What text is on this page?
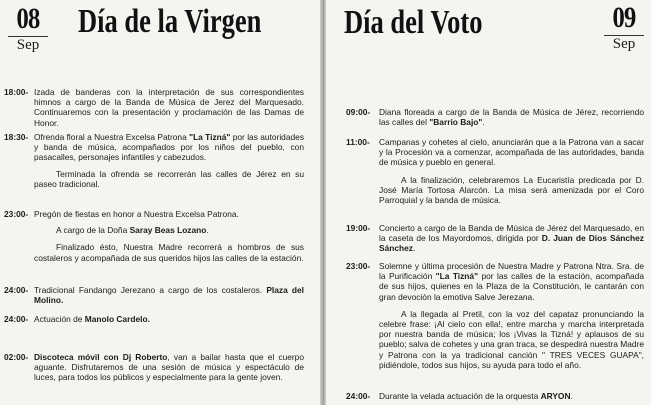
08
Sep
Día de la Virgen
18:00- Izada de banderas con la interpretación de sus correspondientes himnos a cargo de la Banda de Música de Jerez del Marquesado. Continuaremos con la presentación y proclamación de las Damas de Honor.
18:30- Ofrenda floral a Nuestra Excelsa Patrona "La Tizná" por las autoridades y banda de música, acompañados por los niños del pueblo, con pasacalles, personajes infantiles y cabezudos.
Terminada la ofrenda se recorrerán las calles de Jérez en su paseo tradicional.
23:00- Pregón de fiestas en honor a Nuestra Excelsa Patrona.
A cargo de la Doña Saray Beas Lozano.
Finalizado ésto, Nuestra Madre recorrerá a hombros de sus costaleros y acompañada de sus queridos hijos las calles de la estación.
24:00- Tradicional Fandango Jerezano a cargo de los costaleros. Plaza del Molino.
24:00- Actuación de Manolo Cardelo.
02:00- Discoteca móvil con Dj Roberto, van a bailar hasta que el cuerpo aguante. Disfrutaremos de una sesión de música y espectáculo de luces, para todos los públicos y especialmente para la gente joven.
Día del Voto	09
Sep
09:00- Diana floreada a cargo de la Banda de Música de Jérez, recorriendo las calles del "Barrio Bajo".
11:00- Campanas y cohetes al cielo, anunciarán que a la Patrona van a sacar y la Procesión va a comenzar, acompañada de las autoridades, banda de música y pueblo en general.
A la finalización, celebraremos La Eucaristía predicada por D. José María Tortosa Alarcón. La misa será amenizada por el Coro Parroquial y la banda de música.
19:00- Concierto a cargo de la Banda de Música de Jérez del Marquesado, en la caseta de los Mayordomos, dirigida por D. Juan de Dios Sánchez Sánchez.
23:00- Solemne y última procesión de Nuestra Madre y Patrona Ntra. Sra. de la Purificación "La Tizná" por las calles de la estación, acompañada de sus hijos, quienes en la Plaza de la Constitución, le cantarán con gran devoción la emotiva Salve Jerezana.
A la llegada al Pretil, con la voz del capataz pronunciando la celebre frase: ¡Al cielo con ella!, entre marcha y marcha interpretada por nuestra banda de música; los ¡Vivas la Tizná! y aplausos de su pueblo; salva de cohetes y una gran traca, se despedirá nuestra Madre y Patrona con la ya tradicional canción " TRES VECES GUAPA", pidiéndole, todos sus hijos, su ayuda para todo el año.
24:00- Durante la velada actuación de la orquesta ARYON.
